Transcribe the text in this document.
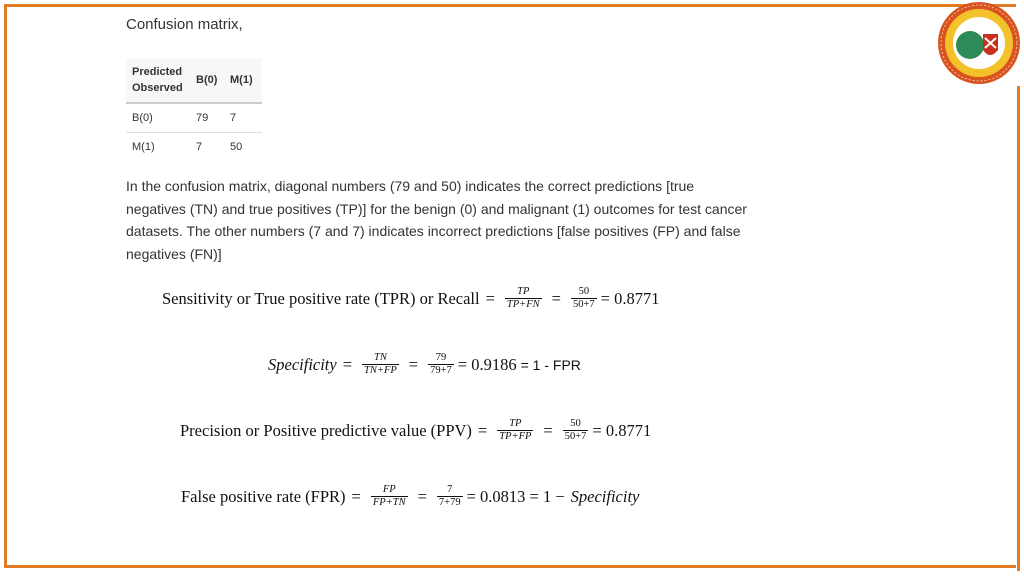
Confusion matrix,
Predicted
Observed	B(0)	M(1)
B(0)	79	7
M(1)	7	50
In the confusion matrix, diagonal numbers (79 and 50) indicates the correct predictions [true negatives (TN) and true positives (TP)] for the benign (0) and malignant (1) outcomes for test cancer datasets. The other numbers (7 and 7) indicates incorrect predictions [false positives (FP) and false negatives (FN)]
Sensitivity or True positive rate (TPR) or Recall = $\frac{TP}{TP+FN} = \frac{50}{50+7} = 0.8771$
Specificity = $\frac{TN}{TN+FP} = \frac{79}{79+7} = 0.9186 = 1$ - FPR
Precision or Positive predictive value $(PPV) = \frac{TP}{TP+FP} = \frac{50}{50+7} = 0.8771$
False positive rate $(FPR) = \frac{FP}{FP+TN} = \frac{7}{7+79} = 0.0813 = 1$ − Specificity
